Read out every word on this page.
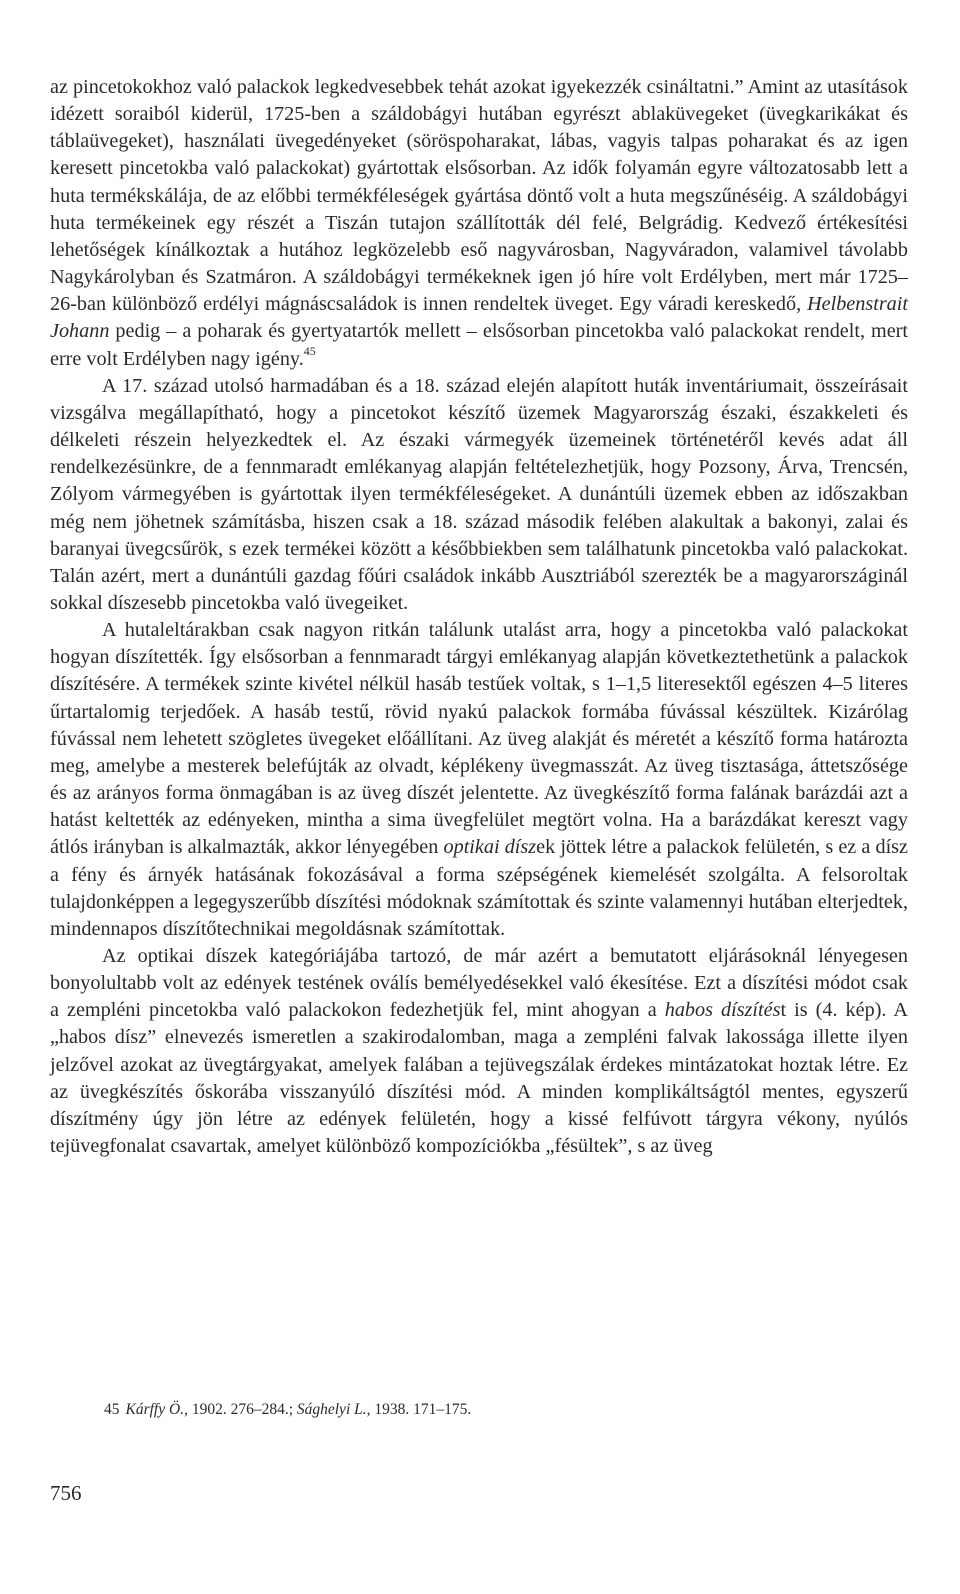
az pincetokokhoz való palackok legkedvesebbek tehát azokat igyekezzék csináltatni.” Amint az utasítások idézett soraiból kiderül, 1725-ben a száldobágyi hutában egyrészt ablaküvegeket (üvegkarikákat és táblaüvegeket), használati üvegedényeket (söröspoharakat, lábas, vagyis talpas poharakat és az igen keresett pincetokba való palackokat) gyártottak elsősorban. Az idők folyamán egyre változatosabb lett a huta termékskálája, de az előbbi termékféleségek gyártása döntő volt a huta megszűnéséig. A száldobágyi huta termékeinek egy részét a Tiszán tutajon szállították dél felé, Belgrádig. Kedvező értékesítési lehetőségek kínálkoztak a hutához legközelebb eső nagyvárosban, Nagyváradon, valamivel távolabb Nagykárolyban és Szatmáron. A száldobágyi termékeknek igen jó híre volt Erdélyben, mert már 1725–26-ban különböző erdélyi mágnáscsaládok is innen rendeltek üveget. Egy váradi kereskedő, Helbenstrait Johann pedig – a poharak és gyertyatartók mellett – elsősorban pincetokba való palackokat rendelt, mert erre volt Erdélyben nagy igény.$^{45}$

A 17. század utolsó harmadában és a 18. század elején alapított huták inventáriumait, összeírásait vizsgálva megállapítható, hogy a pincetokot készítő üzemek Magyarország északi, északkeleti és délkeleti részein helyezkedtek el. Az északi vármegyék üzemeinek történetéről kevés adat áll rendelkezésünkre, de a fennmaradt emlékanyag alapján feltételezhetjük, hogy Pozsony, Árva, Trencsén, Zólyom vármegyében is gyártottak ilyen termékféleségeket. A dunántúli üzemek ebben az időszakban még nem jöhetnek számításba, hiszen csak a 18. század második felében alakultak a bakonyi, zalai és baranyai üvegcsűrök, s ezek termékei között a későbbiekben sem találhatunk pincetokba való palackokat. Talán azért, mert a dunántúli gazdag főúri családok inkább Ausztriából szerezték be a magyarországinál sokkal díszesebb pincetokba való üvegeiket.

A hutaleltárakban csak nagyon ritkán találunk utalást arra, hogy a pincetokba való palackokat hogyan díszítették. Így elsősorban a fennmaradt tárgyi emlékanyag alapján következtethetünk a palackok díszítésére. A termékek szinte kivétel nélkül hasáb testűek voltak, s 1–1,5 literesektől egészen 4–5 literes űrtartalomig terjedőek. A hasáb testű, rövid nyakú palackok formába fúvással készültek. Kizárólag fúvással nem lehetett szögletes üvegeket előállítani. Az üveg alakját és méretét a készítő forma határozta meg, amelybe a mesterek belefújták az olvadt, képlékeny üvegmasszát. Az üveg tisztasága, áttetszősége és az arányos forma önmagában is az üveg díszét jelentette. Az üvegkészítő forma falának barázdái azt a hatást keltették az edényeken, mintha a sima üvegfelület megtört volna. Ha a barázdákat kereszt vagy átlós irányban is alkalmazták, akkor lényegében optikai díszek jöttek létre a palackok felületén, s ez a dísz a fény és árnyék hatásának fokozásával a forma szépségének kiemelését szolgálta. A felsoroltak tulajdonképpen a legegyszerűbb díszítési módoknak számítottak és szinte valamennyi hutában elterjedtek, mindennapos díszítőtechnikai megoldásnak számítottak.

Az optikai díszek kategóriájába tartozó, de már azért a bemutatott eljárásoknál lényegesen bonyolultabb volt az edények testének oválís bemélyedésekkel való ékesítése. Ezt a díszítési módot csak a zempléni pincetokba való palackokon fedezhetjük fel, mint ahogyan a habos díszítést is (4. kép). A „habos dísz” elnevezés ismeretlen a szakirodalomban, maga a zempléni falvak lakossága illette ilyen jelzővel azokat az üvegtárgyakat, amelyek falában a tejüvegszálak érdekes mintázatokat hoztak létre. Ez az üvegkészítés őskorába visszanyúló díszítési mód. A minden komplikáltságtól mentes, egyszerű díszítmény úgy jön létre az edények felületén, hogy a kissé felfúvott tárgyra vékony, nyúlós tejüvegfonalat csavartak, amelyet különböző kompozíciókba „fésültek”, s az üveg

45 Kárffy Ö., 1902. 276–284.; Sághelyi L., 1938. 171–175.
756
